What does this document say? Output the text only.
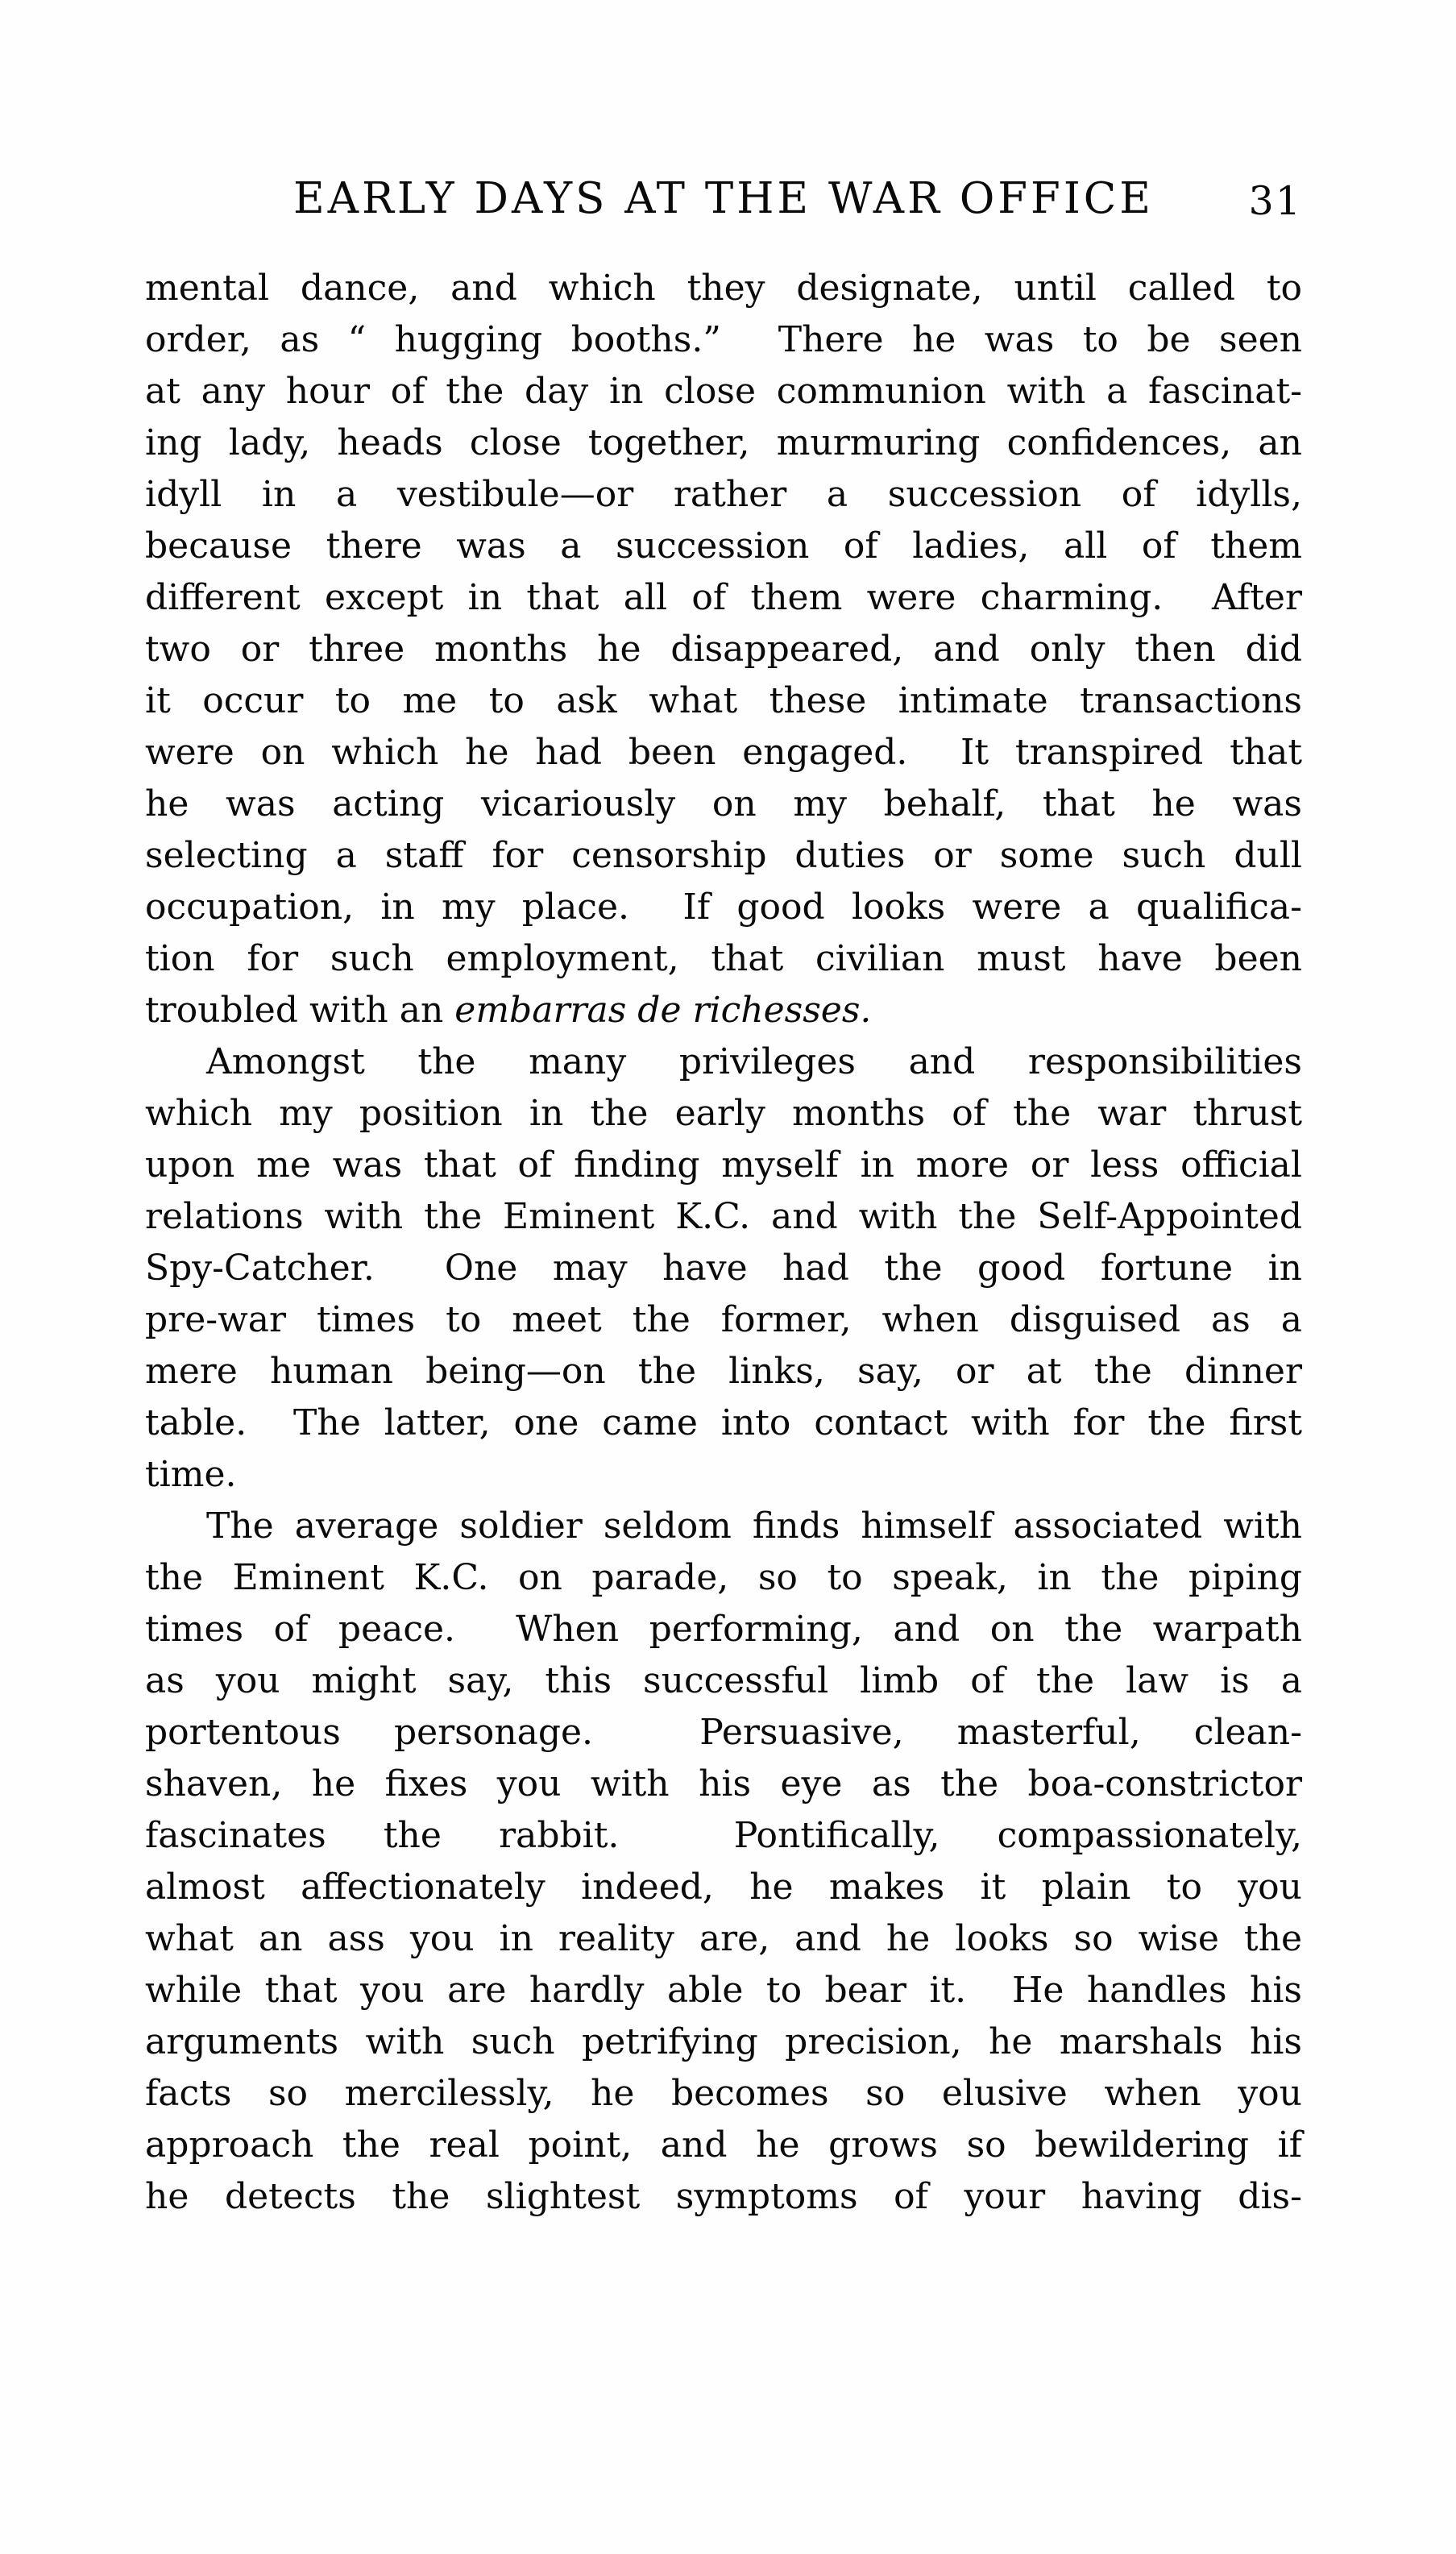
EARLY DAYS AT THE WAR OFFICE	31
mental dance, and which they designate, until called to
order, as “ hugging booths.”  There he was to be seen
at any hour of the day in close communion with a fascinat-
ing lady, heads close together, murmuring confidences, an
idyll in a vestibule—or rather a succession of idylls,
because there was a succession of ladies, all of them
different except in that all of them were charming.  After
two or three months he disappeared, and only then did
it occur to me to ask what these intimate transactions
were on which he had been engaged.  It transpired that
he was acting vicariously on my behalf, that he was
selecting a staff for censorship duties or some such dull
occupation, in my place.  If good looks were a qualifica-
tion for such employment, that civilian must have been
troubled with an embarras de richesses.
Amongst the many privileges and responsibilities
which my position in the early months of the war thrust
upon me was that of finding myself in more or less official
relations with the Eminent K.C. and with the Self-Appointed
Spy-Catcher.  One may have had the good fortune in
pre-war times to meet the former, when disguised as a
mere human being—on the links, say, or at the dinner
table.  The latter, one came into contact with for the first
time.
The average soldier seldom finds himself associated with
the Eminent K.C. on parade, so to speak, in the piping
times of peace.  When performing, and on the warpath
as you might say, this successful limb of the law is a
portentous personage.  Persuasive, masterful, clean-
shaven, he fixes you with his eye as the boa-constrictor
fascinates the rabbit.  Pontifically, compassionately,
almost affectionately indeed, he makes it plain to you
what an ass you in reality are, and he looks so wise the
while that you are hardly able to bear it.  He handles his
arguments with such petrifying precision, he marshals his
facts so mercilessly, he becomes so elusive when you
approach the real point, and he grows so bewildering if
he detects the slightest symptoms of your having dis-
